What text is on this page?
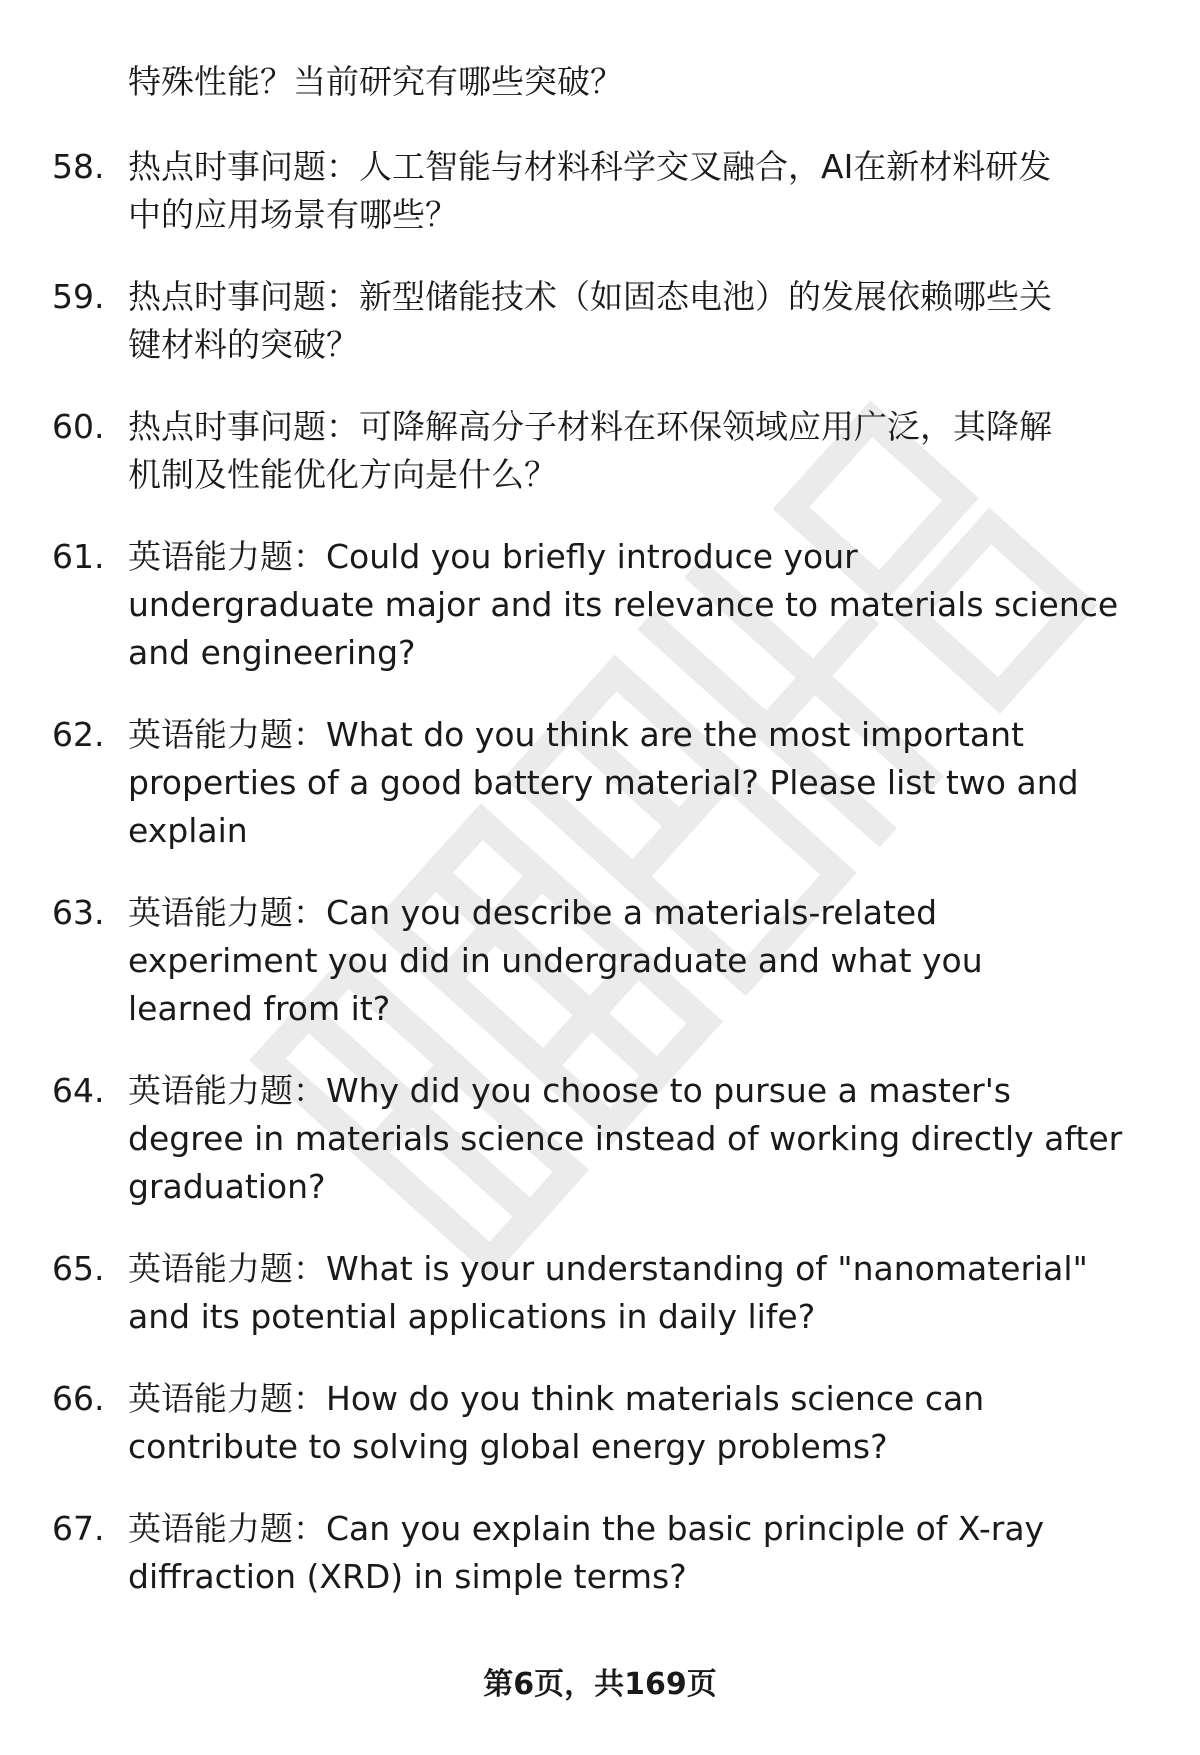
特殊性能？当前研究有哪些突破？

58. 热点时事问题：人工智能与材料科学交叉融合，AI在新材料研发
中的应用场景有哪些？
59. 热点时事问题：新型储能技术（如固态电池）的发展依赖哪些关
键材料的突破？
60. 热点时事问题：可降解高分子材料在环保领域应用广泛，其降解
机制及性能优化方向是什么？
61. 英语能力题：Could you briefly introduce your
undergraduate major and its relevance to materials science
and engineering?
62. 英语能力题：What do you think are the most important
properties of a good battery material? Please list two and
explain
63. 英语能力题：Can you describe a materials-related
experiment you did in undergraduate and what you
learned from it?
64. 英语能力题：Why did you choose to pursue a master's
degree in materials science instead of working directly after
graduation?
65. 英语能力题：What is your understanding of "nanomaterial"
and its potential applications in daily life?
66. 英语能力题：How do you think materials science can
contribute to solving global energy problems?
67. 英语能力题：Can you explain the basic principle of X-ray
diffraction (XRD) in simple terms?
第6页，共169页
